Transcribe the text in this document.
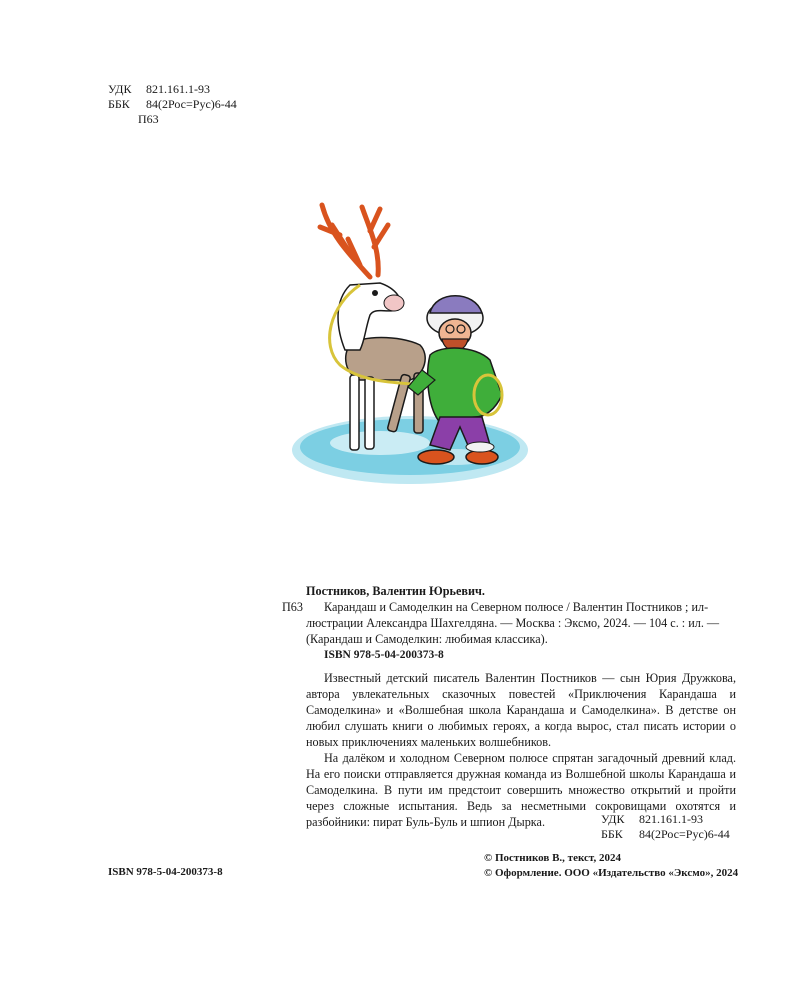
УДК	821.161.1-93
ББК	84(2Рос=Рус)6-44
П63

Постников, Валентин Юрьевич.

Карандаш и Самоделкин на Северном полюсе / Валентин Постников ; ил-

люстрации Александра Шахгелдяна. — Москва : Эксмо, 2024. — 104 с. : ил. —

(Карандаш и Самоделкин: любимая классика).

ISBN 978-5-04-200373-8

Известный детский писатель Валентин Постников — сын Юрия Дружкова, автора увлекательных сказочных повестей «Приключения Карандаша и Самоделкина» и «Волшебная школа Карандаша и Самоделкина». В детстве он любил слушать книги о любимых героях, а когда вырос, стал писать истории о новых приключениях маленьких волшебников.

На далёком и холодном Северном полюсе спрятан загадочный древний клад. На его поиски отправляется дружная команда из Волшебной школы Карандаша и Самоделкина. В пути им предстоит совершить множество открытий и пройти через сложные испытания. Ведь за несметными сокровищами охотятся и разбойники: пират Буль-Буль и шпион Дырка.

П63
УДК	821.161.1-93
ББК	84(2Рос=Рус)6-44
© Постников В., текст, 2024
© Оформление. ООО «Издательство «Эксмо», 2024
ISBN 978-5-04-200373-8
